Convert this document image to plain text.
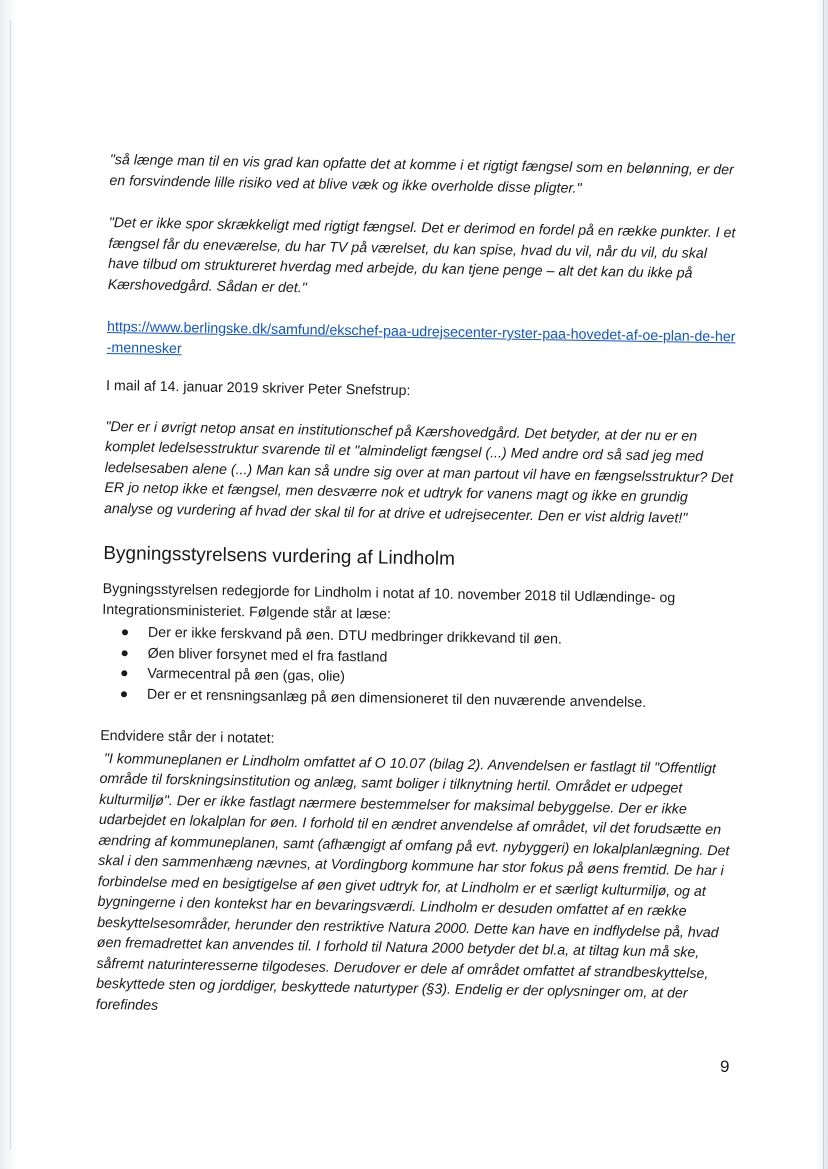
"så længe man til en vis grad kan opfatte det at komme i et rigtigt fængsel som en belønning, er der en forsvindende lille risiko ved at blive væk og ikke overholde disse pligter."

"Det er ikke spor skrækkeligt med rigtigt fængsel. Det er derimod en fordel på en række punkter. I et fængsel får du eneværelse, du har TV på værelset, du kan spise, hvad du vil, når du vil, du skal have tilbud om struktureret hverdag med arbejde, du kan tjene penge – alt det kan du ikke på Kærshovedgård. Sådan er det."

https://www.berlingske.dk/samfund/ekschef-paa-udrejsecenter-ryster-paa-hovedet-af-oe-plan-de-her-mennesker

I mail af 14. januar 2019 skriver Peter Snefstrup:

"Der er i øvrigt netop ansat en institutionschef på Kærshovedgård. Det betyder, at der nu er en komplet ledelsesstruktur svarende til et "almindeligt fængsel (...) Med andre ord så sad jeg med ledelsesaben alene (...) Man kan så undre sig over at man partout vil have en fængselsstruktur? Det ER jo netop ikke et fængsel, men desværre nok et udtryk for vanens magt og ikke en grundig analyse og vurdering af hvad der skal til for at drive et udrejsecenter. Den er vist aldrig lavet!"

Bygningsstyrelsens vurdering af Lindholm

Bygningsstyrelsen redegjorde for Lindholm i notat af 10. november 2018 til Udlændinge- og Integrationsministeriet. Følgende står at læse:

Der er ikke ferskvand på øen. DTU medbringer drikkevand til øen.
Øen bliver forsynet med el fra fastland
Varmecentral på øen (gas, olie)
Der er et rensningsanlæg på øen dimensioneret til den nuværende anvendelse.

Endvidere står der i notatet:

"I kommuneplanen er Lindholm omfattet af O 10.07 (bilag 2). Anvendelsen er fastlagt til "Offentligt område til forskningsinstitution og anlæg, samt boliger i tilknytning hertil. Området er udpeget kulturmiljø". Der er ikke fastlagt nærmere bestemmelser for maksimal bebyggelse. Der er ikke udarbejdet en lokalplan for øen. I forhold til en ændret anvendelse af området, vil det forudsætte en ændring af kommuneplanen, samt (afhængigt af omfang på evt. nybyggeri) en lokalplanlægning. Det skal i den sammenhæng nævnes, at Vordingborg kommune har stor fokus på øens fremtid. De har i forbindelse med en besigtigelse af øen givet udtryk for, at Lindholm er et særligt kulturmiljø, og at bygningerne i den kontekst har en bevaringsværdi. Lindholm er desuden omfattet af en række beskyttelsesområder, herunder den restriktive Natura 2000. Dette kan have en indflydelse på, hvad øen fremadrettet kan anvendes til. I forhold til Natura 2000 betyder det bl.a, at tiltag kun må ske, såfremt naturinteresserne tilgodeses. Derudover er dele af området omfattet af strandbeskyttelse, beskyttede sten og jorddiger, beskyttede naturtyper (§3). Endelig er der oplysninger om, at der forefindes

9
